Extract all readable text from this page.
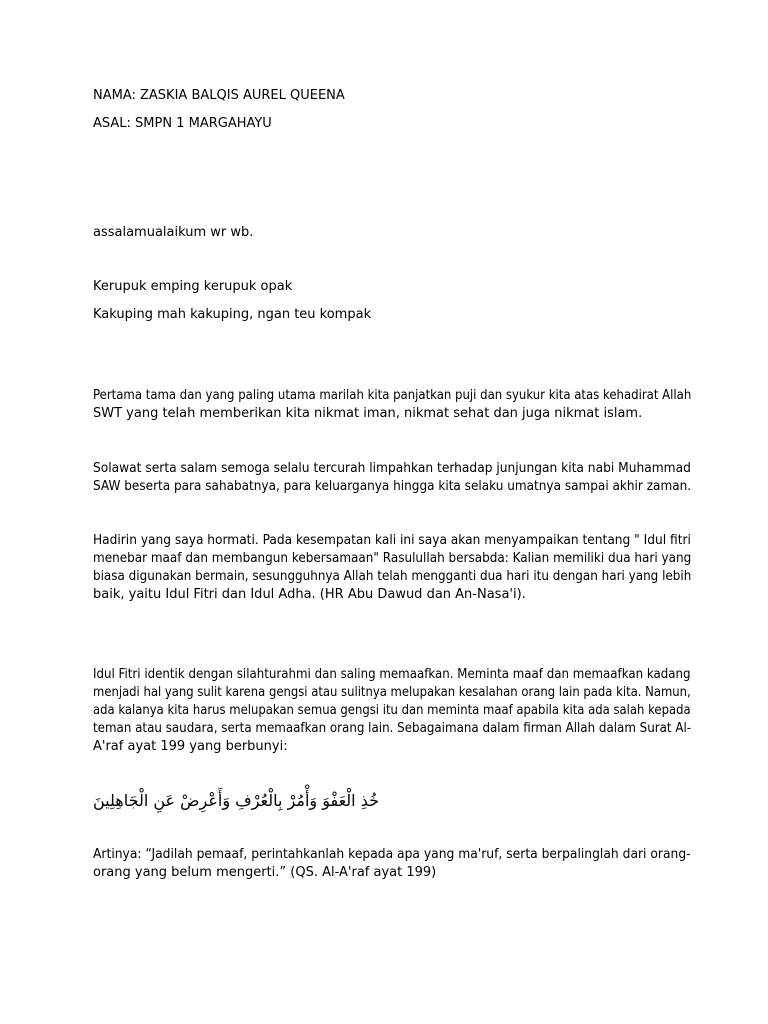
NAMA: ZASKIA BALQIS AUREL QUEENA
ASAL: SMPN 1 MARGAHAYU
assalamualaikum wr wb.
Kerupuk emping kerupuk opak
Kakuping mah kakuping, ngan teu kompak
Pertama tama dan yang paling utama marilah kita panjatkan puji dan syukur kita atas kehadirat Allah
SWT yang telah memberikan kita nikmat iman, nikmat sehat dan juga nikmat islam.
Solawat serta salam semoga selalu tercurah limpahkan terhadap junjungan kita nabi Muhammad
SAW beserta para sahabatnya, para keluarganya hingga kita selaku umatnya sampai akhir zaman.
Hadirin yang saya hormati. Pada kesempatan kali ini saya akan menyampaikan tentang " Idul fitri
menebar maaf dan membangun kebersamaan" Rasulullah bersabda: Kalian memiliki dua hari yang
biasa digunakan bermain, sesungguhnya Allah telah mengganti dua hari itu dengan hari yang lebih
baik, yaitu Idul Fitri dan Idul Adha. (HR Abu Dawud dan An-Nasa'i).
Idul Fitri identik dengan silahturahmi dan saling memaafkan. Meminta maaf dan memaafkan kadang
menjadi hal yang sulit karena gengsi atau sulitnya melupakan kesalahan orang lain pada kita. Namun,
ada kalanya kita harus melupakan semua gengsi itu dan meminta maaf apabila kita ada salah kepada
teman atau saudara, serta memaafkan orang lain. Sebagaimana dalam firman Allah dalam Surat Al-
A'raf ayat 199 yang berbunyi:
خُذِ الْعَفْوَ وَأْمُرْ بِالْعُرْفِ وَأَعْرِضْ عَنِ الْجَاهِلِينَ
Artinya: “Jadilah pemaaf, perintahkanlah kepada apa yang ma'ruf, serta berpalinglah dari orang-
orang yang belum mengerti.” (QS. Al-A'raf ayat 199)
